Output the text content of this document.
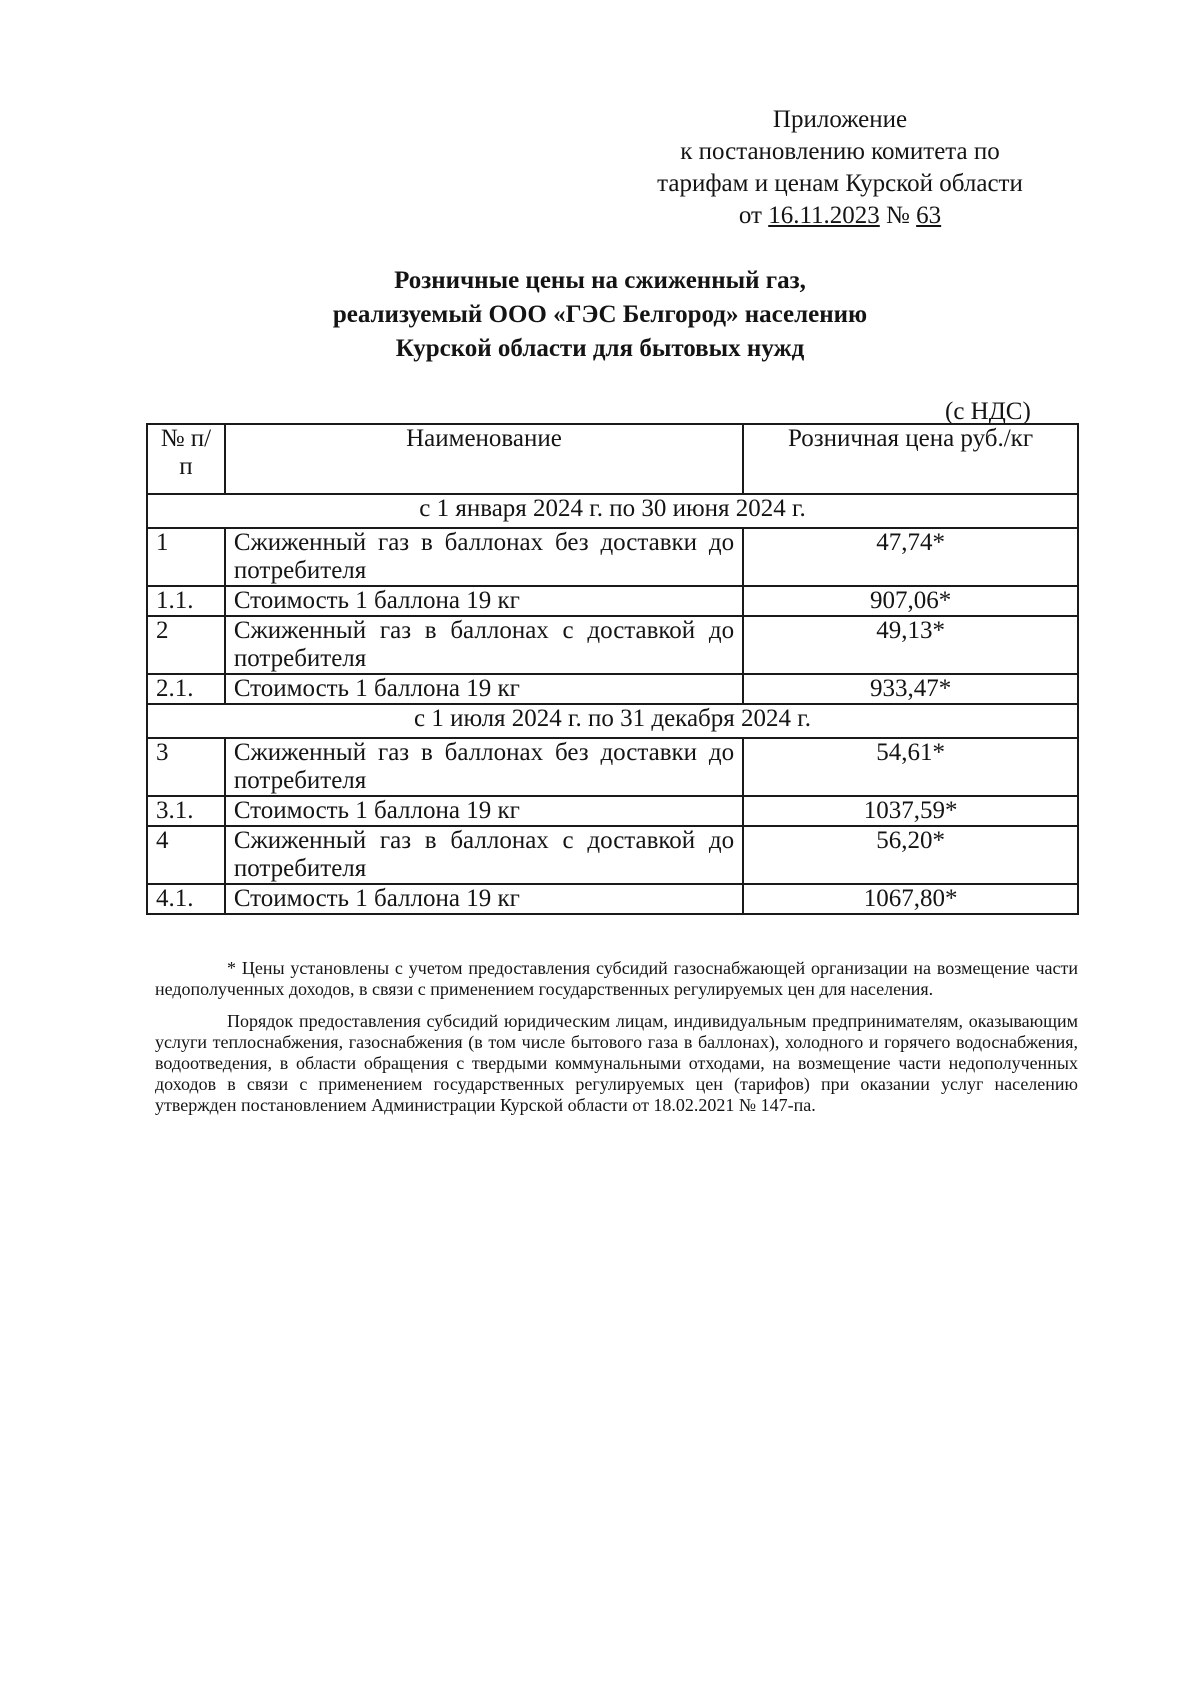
Приложение
к постановлению комитета по
тарифам и ценам Курской области
от 16.11.2023 № 63
Розничные цены на сжиженный газ,
реализуемый ООО «ГЭС Белгород» населению
Курской области для бытовых нужд
(с НДС)
№ п/п	Наименование	Розничная цена руб./кг
с 1 января 2024 г. по 30 июня 2024 г.		
1	Сжиженный газ в баллонах без доставки до потребителя	47,74*
1.1.	Стоимость 1 баллона 19 кг	907,06*
2	Сжиженный газ в баллонах с доставкой до потребителя	49,13*
2.1.	Стоимость 1 баллона 19 кг	933,47*
с 1 июля 2024 г. по 31 декабря 2024 г.		
3	Сжиженный газ в баллонах без доставки до потребителя	54,61*
3.1.	Стоимость 1 баллона 19 кг	1037,59*
4	Сжиженный газ в баллонах с доставкой до потребителя	56,20*
4.1.	Стоимость 1 баллона 19 кг	1067,80*

* Цены установлены с учетом предоставления субсидий газоснабжающей организации на возмещение части недополученных доходов, в связи с применением государственных регулируемых цен для населения.

Порядок предоставления субсидий юридическим лицам, индивидуальным предпринимателям, оказывающим услуги теплоснабжения, газоснабжения (в том числе бытового газа в баллонах), холодного и горячего водоснабжения, водоотведения, в области обращения с твердыми коммунальными отходами, на возмещение части недополученных доходов в связи с применением государственных регулируемых цен (тарифов) при оказании услуг населению утвержден постановлением Администрации Курской области от 18.02.2021 № 147-па.
